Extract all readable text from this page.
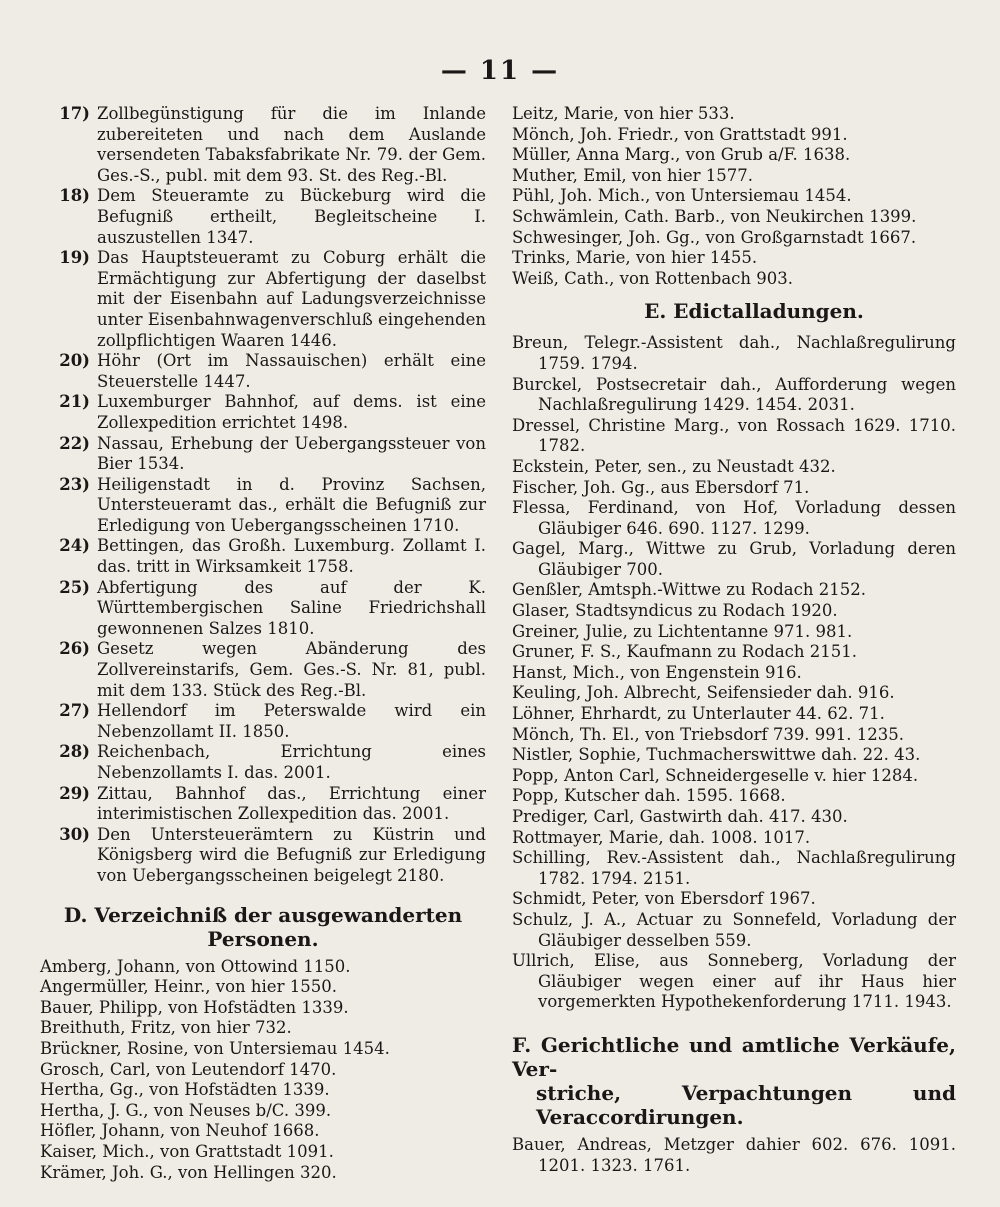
— 11 —
17) Zollbegünstigung für die im Inlande zubereiteten und nach dem Auslande versendeten Tabaksfabrikate Nr. 79. der Gem. Ges.-S., publ. mit dem 93. St. des Reg.-Bl.
18) Dem Steueramte zu Bückeburg wird die Befugniß ertheilt, Begleitscheine I. auszustellen 1347.
19) Das Hauptsteueramt zu Coburg erhält die Ermächtigung zur Abfertigung der daselbst mit der Eisenbahn auf Ladungsverzeichnisse unter Eisenbahnwagenverschluß eingehenden zollpflichtigen Waaren 1446.
20) Höhr (Ort im Nassauischen) erhält eine Steuerstelle 1447.
21) Luxemburger Bahnhof, auf dems. ist eine Zollexpedition errichtet 1498.
22) Nassau, Erhebung der Uebergangssteuer von Bier 1534.
23) Heiligenstadt in d. Provinz Sachsen, Untersteueramt das., erhält die Befugniß zur Erledigung von Uebergangsscheinen 1710.
24) Bettingen, das Großh. Luxemburg. Zollamt I. das. tritt in Wirksamkeit 1758.
25) Abfertigung des auf der K. Württembergischen Saline Friedrichshall gewonnenen Salzes 1810.
26) Gesetz wegen Abänderung des Zollvereinstarifs, Gem. Ges.-S. Nr. 81, publ. mit dem 133. Stück des Reg.-Bl.
27) Hellendorf im Peterswalde wird ein Nebenzollamt II. 1850.
28) Reichenbach, Errichtung eines Nebenzollamts I. das. 2001.
29) Zittau, Bahnhof das., Errichtung einer interimistischen Zollexpedition das. 2001.
30) Den Untersteuerämtern zu Küstrin und Königsberg wird die Befugniß zur Erledigung von Uebergangsscheinen beigelegt 2180.
D. Verzeichniß der ausgewanderten
Personen.
Amberg, Johann, von Ottowind 1150.
Angermüller, Heinr., von hier 1550.
Bauer, Philipp, von Hofstädten 1339.
Breithuth, Fritz, von hier 732.
Brückner, Rosine, von Untersiemau 1454.
Grosch, Carl, von Leutendorf 1470.
Hertha, Gg., von Hofstädten 1339.
Hertha, J. G., von Neuses b/C. 399.
Höfler, Johann, von Neuhof 1668.
Kaiser, Mich., von Grattstadt 1091.
Krämer, Joh. G., von Hellingen 320.
Leitz, Marie, von hier 533.
Mönch, Joh. Friedr., von Grattstadt 991.
Müller, Anna Marg., von Grub a/F. 1638.
Muther, Emil, von hier 1577.
Pühl, Joh. Mich., von Untersiemau 1454.
Schwämlein, Cath. Barb., von Neukirchen 1399.
Schwesinger, Joh. Gg., von Großgarnstadt 1667.
Trinks, Marie, von hier 1455.
Weiß, Cath., von Rottenbach 903.
E. Edictalladungen.
Breun, Telegr.-Assistent dah., Nachlaßregulirung 1759. 1794.
Burckel, Postsecretair dah., Aufforderung wegen Nachlaßregulirung 1429. 1454. 2031.
Dressel, Christine Marg., von Rossach 1629. 1710. 1782.
Eckstein, Peter, sen., zu Neustadt 432.
Fischer, Joh. Gg., aus Ebersdorf 71.
Flessa, Ferdinand, von Hof, Vorladung dessen Gläubiger 646. 690. 1127. 1299.
Gagel, Marg., Wittwe zu Grub, Vorladung deren Gläubiger 700.
Genßler, Amtsph.-Wittwe zu Rodach 2152.
Glaser, Stadtsyndicus zu Rodach 1920.
Greiner, Julie, zu Lichtentanne 971. 981.
Gruner, F. S., Kaufmann zu Rodach 2151.
Hanst, Mich., von Engenstein 916.
Keuling, Joh. Albrecht, Seifensieder dah. 916.
Löhner, Ehrhardt, zu Unterlauter 44. 62. 71.
Mönch, Th. El., von Triebsdorf 739. 991. 1235.
Nistler, Sophie, Tuchmacherswittwe dah. 22. 43.
Popp, Anton Carl, Schneidergeselle v. hier 1284.
Popp, Kutscher dah. 1595. 1668.
Prediger, Carl, Gastwirth dah. 417. 430.
Rottmayer, Marie, dah. 1008. 1017.
Schilling, Rev.-Assistent dah., Nachlaßregulirung 1782. 1794. 2151.
Schmidt, Peter, von Ebersdorf 1967.
Schulz, J. A., Actuar zu Sonnefeld, Vorladung der Gläubiger desselben 559.
Ullrich, Elise, aus Sonneberg, Vorladung der Gläubiger wegen einer auf ihr Haus hier vorgemerkten Hypothekenforderung 1711. 1943.
F. Gerichtliche und amtliche Verkäufe, Ver-
striche, Verpachtungen und Veraccordirungen.
Bauer, Andreas, Metzger dahier 602. 676. 1091. 1201. 1323. 1761.
